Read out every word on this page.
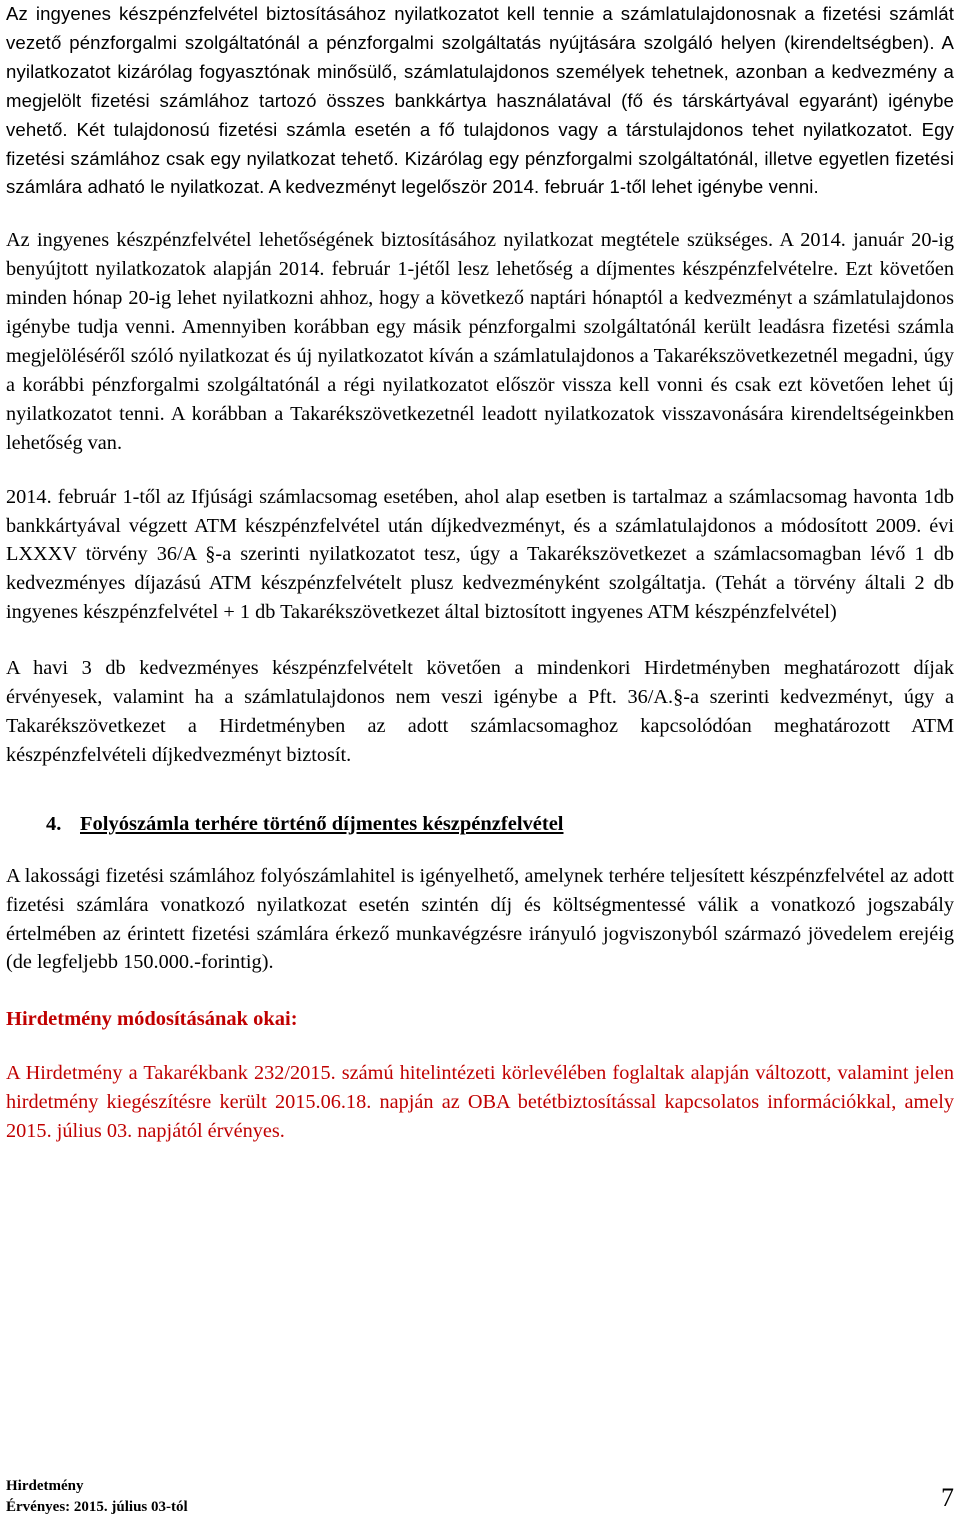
Az ingyenes készpénzfelvétel biztosításához nyilatkozatot kell tennie a számlatulajdonosnak a fizetési számlát vezető pénzforgalmi szolgáltatónál a pénzforgalmi szolgáltatás nyújtására szolgáló helyen (kirendeltségben). A nyilatkozatot kizárólag fogyasztónak minősülő, számlatulajdonos személyek tehetnek, azonban a kedvezmény a megjelölt fizetési számlához tartozó összes bankkártya használatával (fő és társkártyával egyaránt) igénybe vehető. Két tulajdonosú fizetési számla esetén a fő tulajdonos vagy a társtulajdonos tehet nyilatkozatot. Egy fizetési számlához csak egy nyilatkozat tehető. Kizárólag egy pénzforgalmi szolgáltatónál, illetve egyetlen fizetési számlára adható le nyilatkozat. A kedvezményt legelőször 2014. február 1-től lehet igénybe venni.

Az ingyenes készpénzfelvétel lehetőségének biztosításához nyilatkozat megtétele szükséges. A 2014. január 20-ig benyújtott nyilatkozatok alapján 2014. február 1-jétől lesz lehetőség a díjmentes készpénzfelvételre. Ezt követően minden hónap 20-ig lehet nyilatkozni ahhoz, hogy a következő naptári hónaptól a kedvezményt a számlatulajdonos igénybe tudja venni. Amennyiben korábban egy másik pénzforgalmi szolgáltatónál került leadásra fizetési számla megjelöléséről szóló nyilatkozat és új nyilatkozatot kíván a számlatulajdonos a Takarékszövetkezetnél megadni, úgy a korábbi pénzforgalmi szolgáltatónál a régi nyilatkozatot először vissza kell vonni és csak ezt követően lehet új nyilatkozatot tenni. A korábban a Takarékszövetkezetnél leadott nyilatkozatok visszavonására kirendeltségeinkben lehetőség van.

2014. február 1-től az Ifjúsági számlacsomag esetében, ahol alap esetben is tartalmaz a számlacsomag havonta 1db bankkártyával végzett ATM készpénzfelvétel után díjkedvezményt, és a számlatulajdonos a módosított 2009. évi LXXXV törvény 36/A §-a szerinti nyilatkozatot tesz, úgy a Takarékszövetkezet a számlacsomagban lévő 1 db kedvezményes díjazású ATM készpénzfelvételt plusz kedvezményként szolgáltatja. (Tehát a törvény általi 2 db ingyenes készpénzfelvétel + 1 db Takarékszövetkezet által biztosított ingyenes ATM készpénzfelvétel)

A havi 3 db kedvezményes készpénzfelvételt követően a mindenkori Hirdetményben meghatározott díjak érvényesek, valamint ha a számlatulajdonos nem veszi igénybe a Pft. 36/A.§-a szerinti kedvezményt, úgy a Takarékszövetkezet a Hirdetményben az adott számlacsomaghoz kapcsolódóan meghatározott ATM készpénzfelvételi díjkedvezményt biztosít.

4. Folyószámla terhére történő díjmentes készpénzfelvétel

A lakossági fizetési számlához folyószámlahitel is igényelhető, amelynek terhére teljesített készpénzfelvétel az adott fizetési számlára vonatkozó nyilatkozat esetén szintén díj és költségmentessé válik a vonatkozó jogszabály értelmében az érintett fizetési számlára érkező munkavégzésre irányuló jogviszonyból származó jövedelem erejéig (de legfeljebb 150.000.-forintig).

Hirdetmény módosításának okai:

A Hirdetmény a Takarékbank 232/2015. számú hitelintézeti körlevélében foglaltak alapján változott, valamint jelen hirdetmény kiegészítésre került 2015.06.18. napján az OBA betétbiztosítással kapcsolatos információkkal, amely 2015. július 03. napjától érvényes.

Hirdetmény
Érvényes: 2015. július 03-tól	7
